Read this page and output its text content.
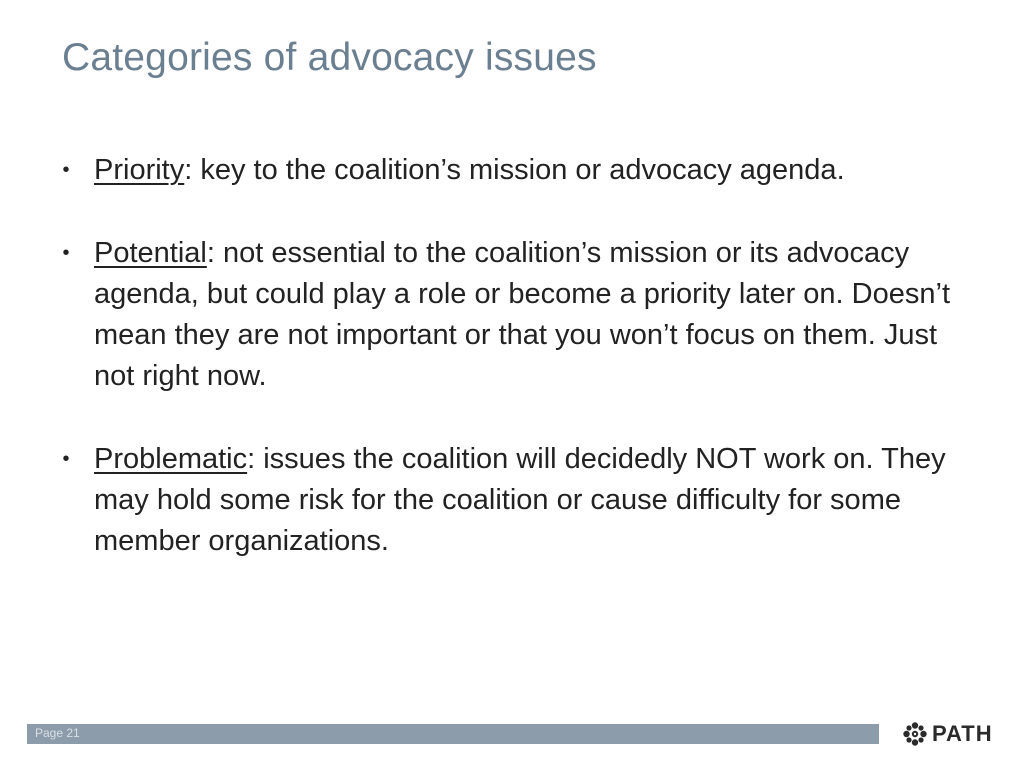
Categories of advocacy issues
• Priority: key to the coalition’s mission or advocacy agenda.
• Potential: not essential to the coalition’s mission or its advocacy agenda, but could play a role or become a priority later on. Doesn’t mean they are not important or that you won’t focus on them. Just not right now.
• Problematic: issues the coalition will decidedly NOT work on. They may hold some risk for the coalition or cause difficulty for some member organizations.
Page 21	PATH
